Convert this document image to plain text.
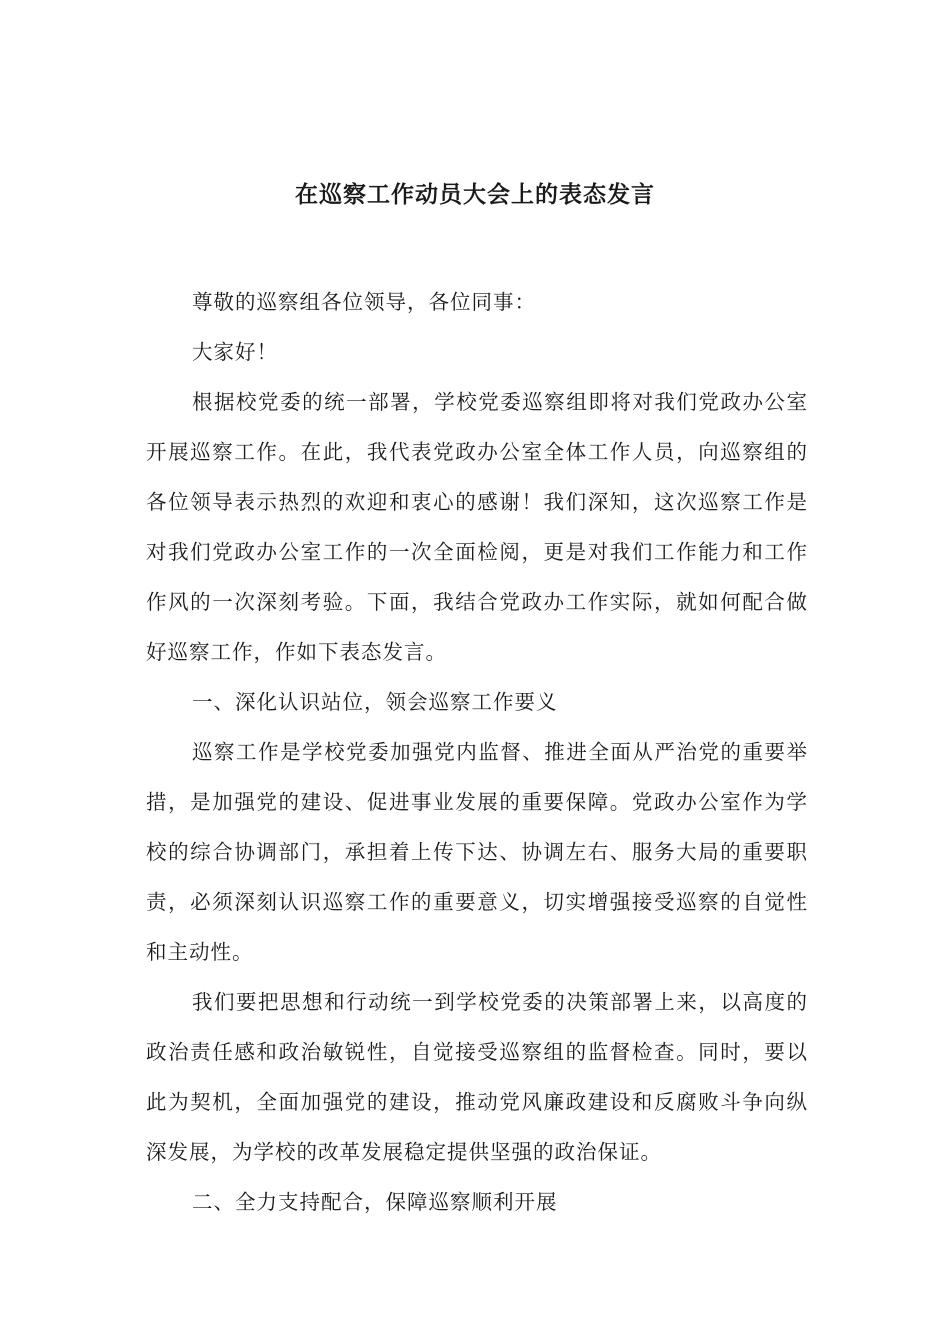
在巡察工作动员大会上的表态发言

尊敬的巡察组各位领导，各位同事：

大家好！

根据校党委的统一部署，学校党委巡察组即将对我们党政办公室开展巡察工作。在此，我代表党政办公室全体工作人员，向巡察组的各位领导表示热烈的欢迎和衷心的感谢！我们深知，这次巡察工作是对我们党政办公室工作的一次全面检阅，更是对我们工作能力和工作作风的一次深刻考验。下面，我结合党政办工作实际，就如何配合做好巡察工作，作如下表态发言。

一、深化认识站位，领会巡察工作要义

巡察工作是学校党委加强党内监督、推进全面从严治党的重要举措，是加强党的建设、促进事业发展的重要保障。党政办公室作为学校的综合协调部门，承担着上传下达、协调左右、服务大局的重要职责，必须深刻认识巡察工作的重要意义，切实增强接受巡察的自觉性和主动性。

我们要把思想和行动统一到学校党委的决策部署上来，以高度的政治责任感和政治敏锐性，自觉接受巡察组的监督检查。同时，要以此为契机，全面加强党的建设，推动党风廉政建设和反腐败斗争向纵深发展，为学校的改革发展稳定提供坚强的政治保证。

二、全力支持配合，保障巡察顺利开展
